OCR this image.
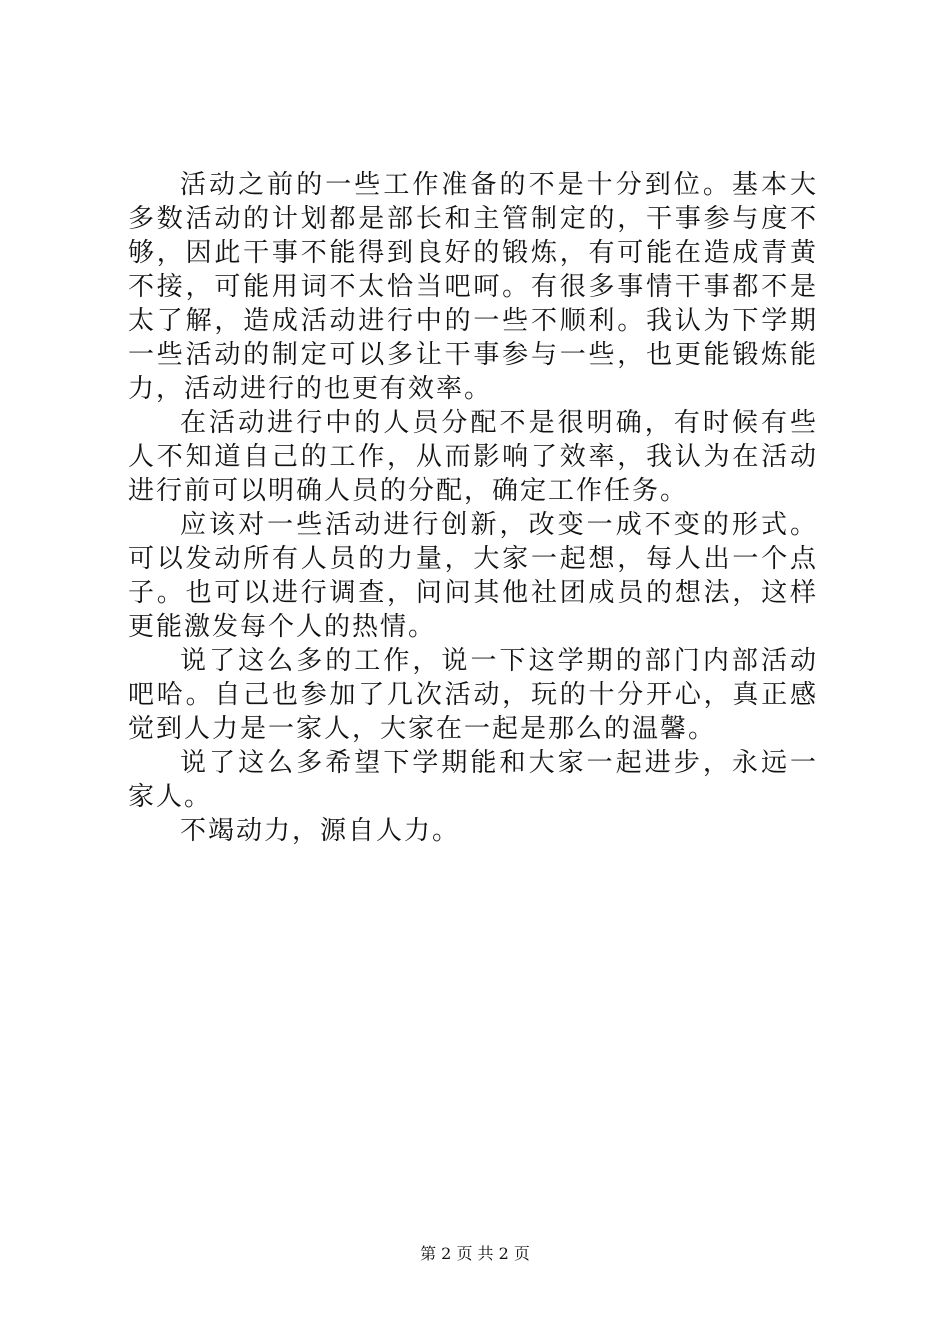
活动之前的一些工作准备的不是十分到位。基本大多数活动的计划都是部长和主管制定的，干事参与度不够，因此干事不能得到良好的锻炼，有可能在造成青黄不接，可能用词不太恰当吧呵。有很多事情干事都不是太了解，造成活动进行中的一些不顺利。我认为下学期一些活动的制定可以多让干事参与一些，也更能锻炼能力，活动进行的也更有效率。

在活动进行中的人员分配不是很明确，有时候有些人不知道自己的工作，从而影响了效率，我认为在活动进行前可以明确人员的分配，确定工作任务。

应该对一些活动进行创新，改变一成不变的形式。可以发动所有人员的力量，大家一起想，每人出一个点子。也可以进行调查，问问其他社团成员的想法，这样更能激发每个人的热情。

说了这么多的工作，说一下这学期的部门内部活动吧哈。自己也参加了几次活动，玩的十分开心，真正感觉到人力是一家人，大家在一起是那么的温馨。

说了这么多希望下学期能和大家一起进步，永远一家人。

不竭动力，源自人力。

第 2 页 共 2 页
